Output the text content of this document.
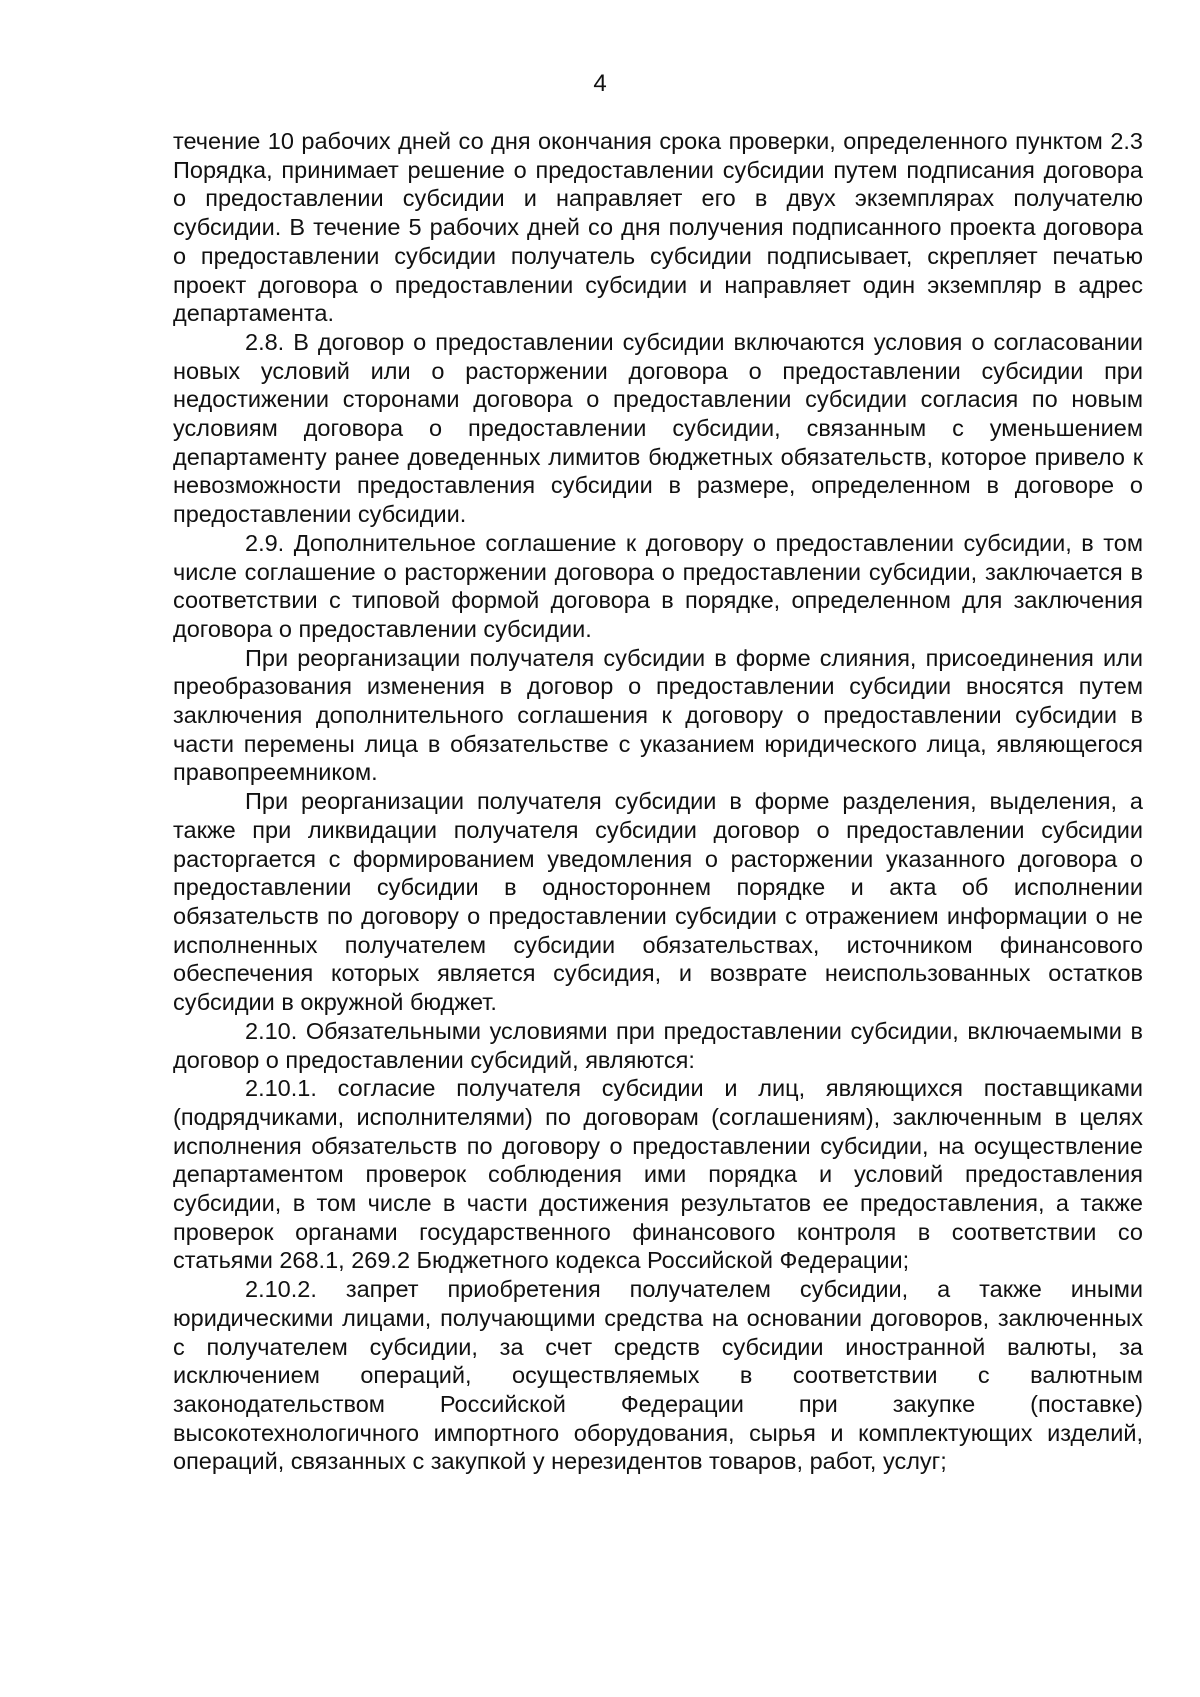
4

течение 10 рабочих дней со дня окончания срока проверки, определенного пунктом 2.3 Порядка, принимает решение о предоставлении субсидии путем подписания договора о предоставлении субсидии и направляет его в двух экземплярах получателю субсидии. В течение 5 рабочих дней со дня получения подписанного проекта договора о предоставлении субсидии получатель субсидии подписывает, скрепляет печатью проект договора о предоставлении субсидии и направляет один экземпляр в адрес департамента.

2.8. В договор о предоставлении субсидии включаются условия о согласовании новых условий или о расторжении договора о предоставлении субсидии при недостижении сторонами договора о предоставлении субсидии согласия по новым условиям договора о предоставлении субсидии, связанным с уменьшением департаменту ранее доведенных лимитов бюджетных обязательств, которое привело к невозможности предоставления субсидии в размере, определенном в договоре о предоставлении субсидии.

2.9. Дополнительное соглашение к договору о предоставлении субсидии, в том числе соглашение о расторжении договора о предоставлении субсидии, заключается в соответствии с типовой формой договора в порядке, определенном для заключения договора о предоставлении субсидии.

При реорганизации получателя субсидии в форме слияния, присоединения или преобразования изменения в договор о предоставлении субсидии вносятся путем заключения дополнительного соглашения к договору о предоставлении субсидии в части перемены лица в обязательстве с указанием юридического лица, являющегося правопреемником.

При реорганизации получателя субсидии в форме разделения, выделения, а также при ликвидации получателя субсидии договор о предоставлении субсидии расторгается с формированием уведомления о расторжении указанного договора о предоставлении субсидии в одностороннем порядке и акта об исполнении обязательств по договору о предоставлении субсидии с отражением информации о не исполненных получателем субсидии обязательствах, источником финансового обеспечения которых является субсидия, и возврате неиспользованных остатков субсидии в окружной бюджет.

2.10. Обязательными условиями при предоставлении субсидии, включаемыми в договор о предоставлении субсидий, являются:

2.10.1. согласие получателя субсидии и лиц, являющихся поставщиками (подрядчиками, исполнителями) по договорам (соглашениям), заключенным в целях исполнения обязательств по договору о предоставлении субсидии, на осуществление департаментом проверок соблюдения ими порядка и условий предоставления субсидии, в том числе в части достижения результатов ее предоставления, а также проверок органами государственного финансового контроля в соответствии со статьями 268.1, 269.2 Бюджетного кодекса Российской Федерации;

2.10.2. запрет приобретения получателем субсидии, а также иными юридическими лицами, получающими средства на основании договоров, заключенных с получателем субсидии, за счет средств субсидии иностранной валюты, за исключением операций, осуществляемых в соответствии с валютным законодательством Российской Федерации при закупке (поставке) высокотехнологичного импортного оборудования, сырья и комплектующих изделий, операций, связанных с закупкой у нерезидентов товаров, работ, услуг;
